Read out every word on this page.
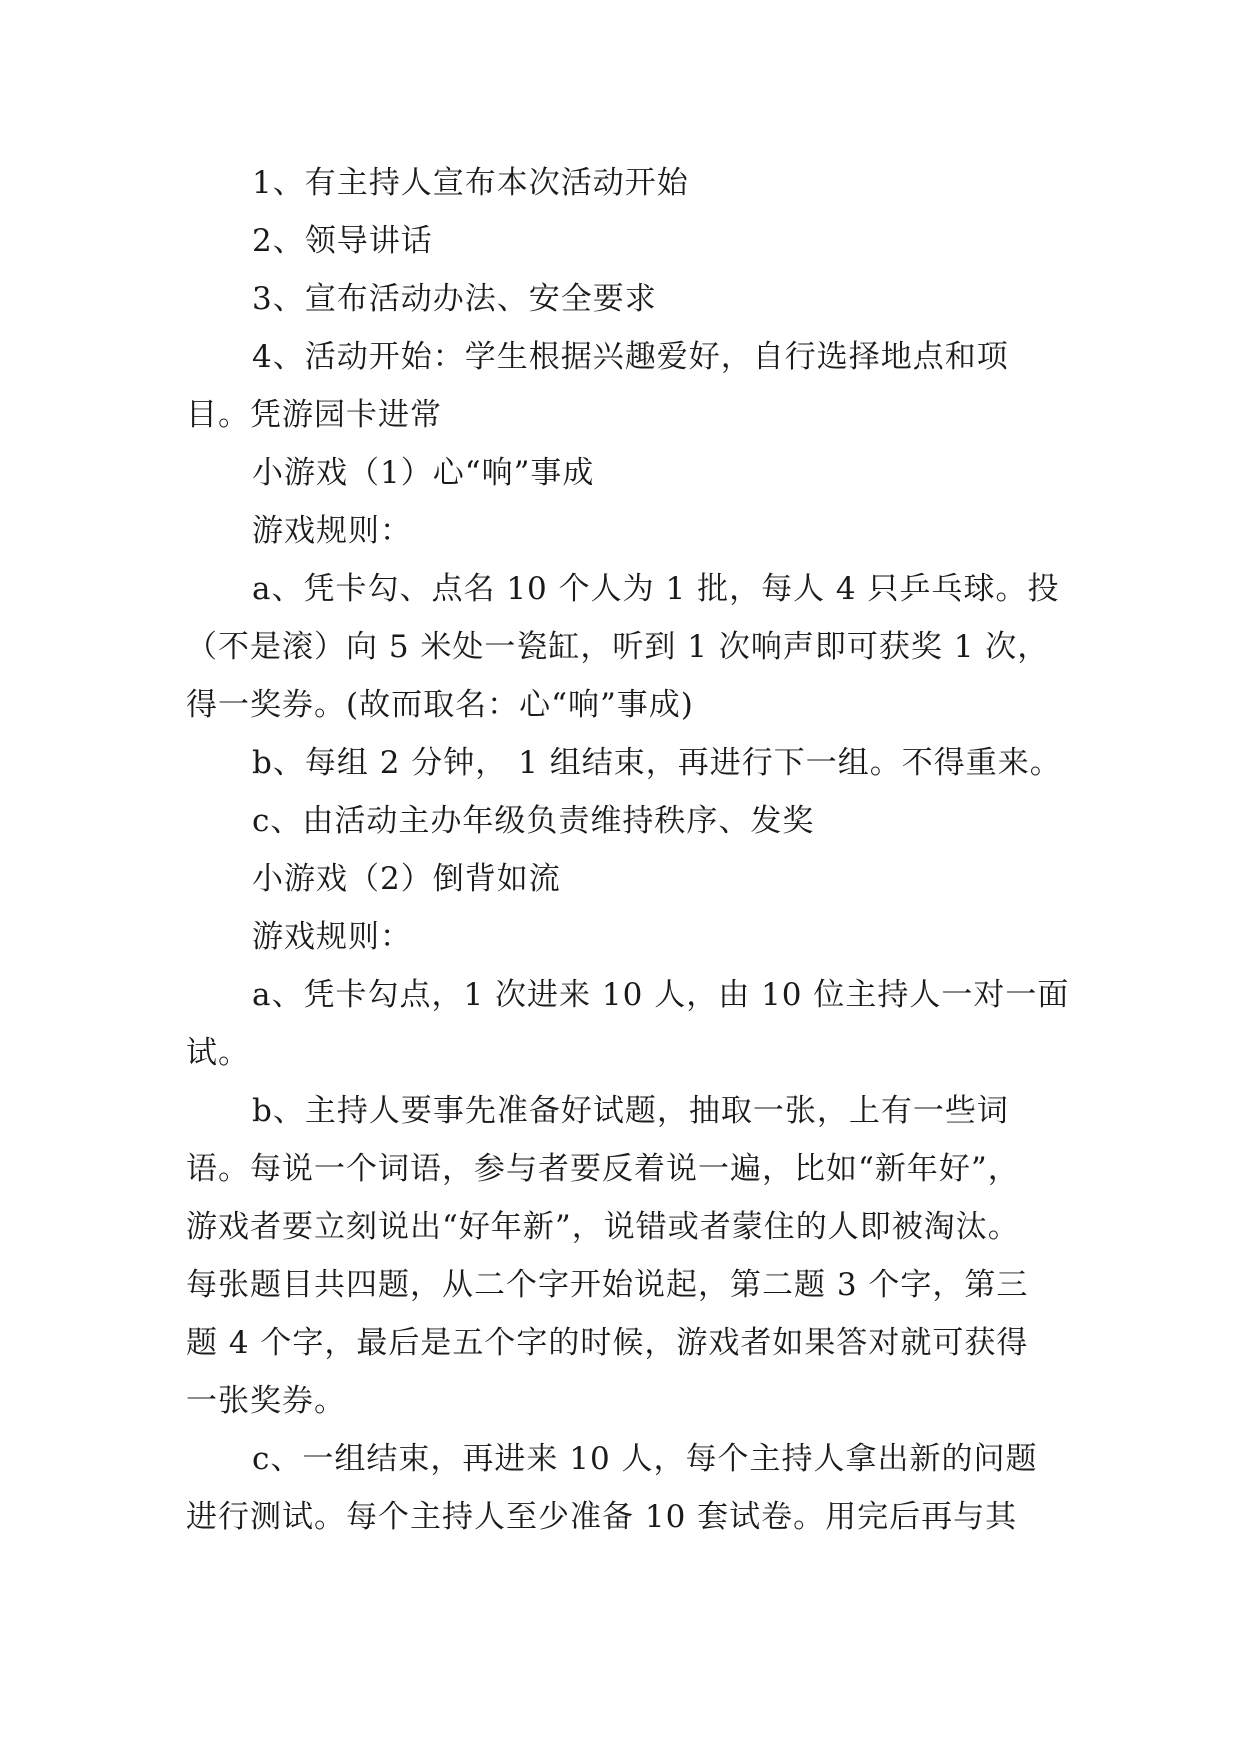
1、有主持人宣布本次活动开始
2、领导讲话
3、宣布活动办法、安全要求
4、活动开始：学生根据兴趣爱好，自行选择地点和项
目。凭游园卡进常
小游戏（1）心“响”事成
游戏规则：
a、凭卡勾、点名 10 个人为 1 批，每人 4 只乒乓球。投
（不是滚）向 5 米处一瓷缸，听到 1 次响声即可获奖 1 次，
得一奖券。(故而取名：心“响”事成)
b、每组 2 分钟， 1 组结束，再进行下一组。不得重来。
c、由活动主办年级负责维持秩序、发奖
小游戏（2）倒背如流
游戏规则：
a、凭卡勾点，1 次进来 10 人，由 10 位主持人一对一面
试。
b、主持人要事先准备好试题，抽取一张，上有一些词
语。每说一个词语，参与者要反着说一遍，比如“新年好”，
游戏者要立刻说出“好年新”，说错或者蒙住的人即被淘汰。
每张题目共四题，从二个字开始说起，第二题 3 个字，第三
题 4 个字，最后是五个字的时候，游戏者如果答对就可获得
一张奖券。
c、一组结束，再进来 10 人，每个主持人拿出新的问题
进行测试。每个主持人至少准备 10 套试卷。用完后再与其
